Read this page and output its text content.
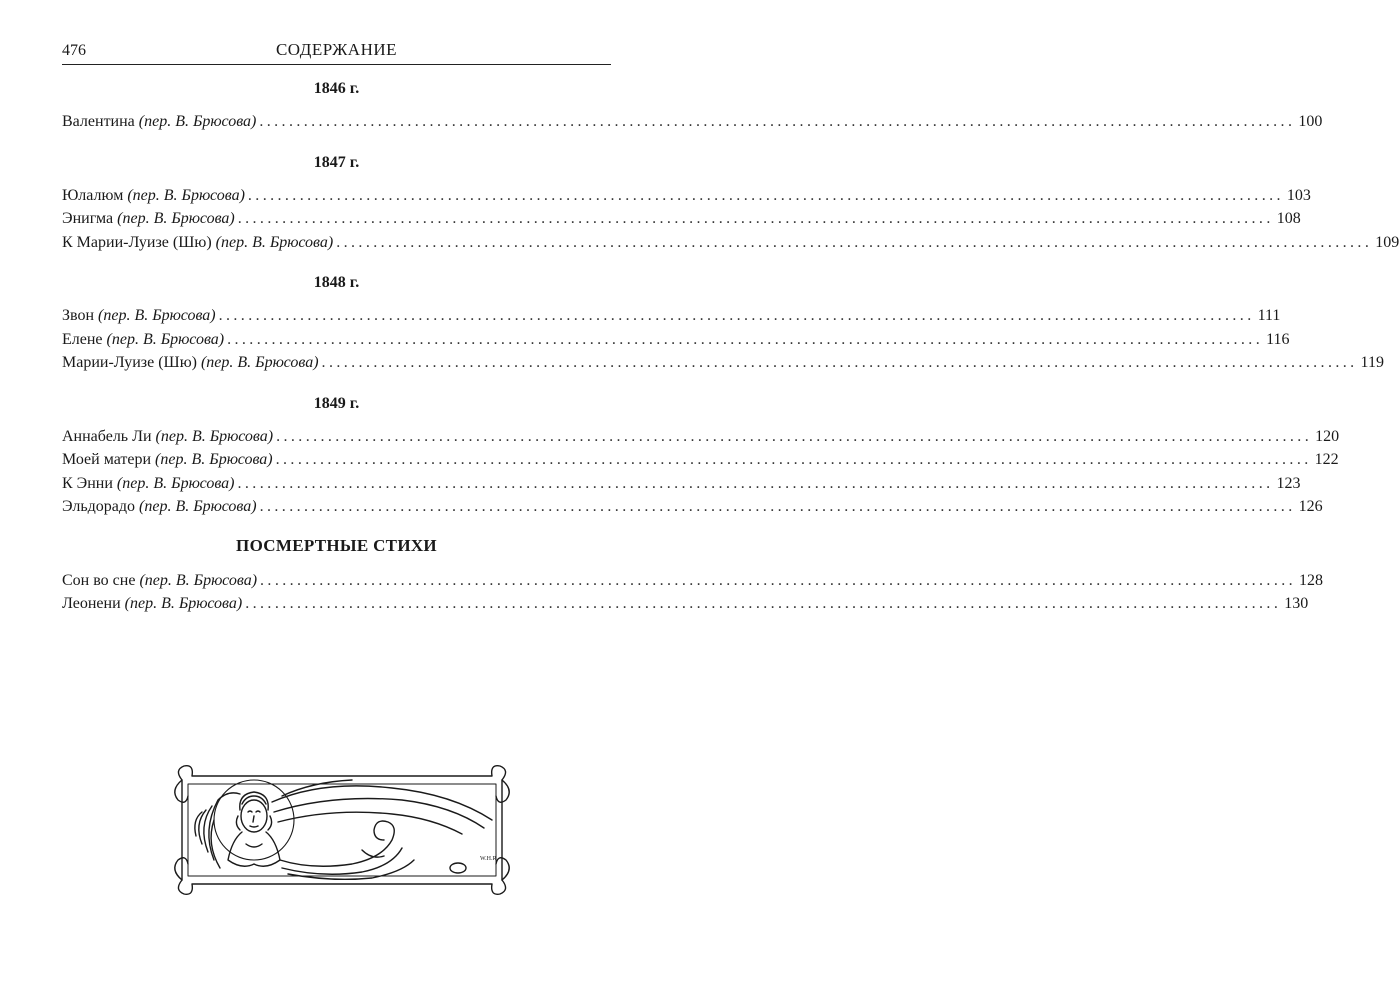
476	СОДЕРЖАНИЕ
1846 г.
Валентина (пер. В. Брюсова) ............................................................................................................................................ 100
1847 г.
Юлалюм (пер. В. Брюсова) ............................................................................................................................................ 103
Энигма (пер. В. Брюсова) ............................................................................................................................................ 108
К Марии-Луизе (Шю) (пер. В. Брюсова) ............................................................................................................................................ 109
1848 г.
Звон (пер. В. Брюсова) ............................................................................................................................................ 111
Елене (пер. В. Брюсова) ............................................................................................................................................ 116
Марии-Луизе (Шю) (пер. В. Брюсова) ............................................................................................................................................ 119
1849 г.
Аннабель Ли (пер. В. Брюсова) ............................................................................................................................................ 120
Моей матери (пер. В. Брюсова) ............................................................................................................................................ 122
К Энни (пер. В. Брюсова) ............................................................................................................................................ 123
Эльдорадо (пер. В. Брюсова) ............................................................................................................................................ 126
ПОСМЕРТНЫЕ СТИХИ
Сон во сне (пер. В. Брюсова) ............................................................................................................................................ 128
Леонени (пер. В. Брюсова) ............................................................................................................................................ 130
W.H.R.
